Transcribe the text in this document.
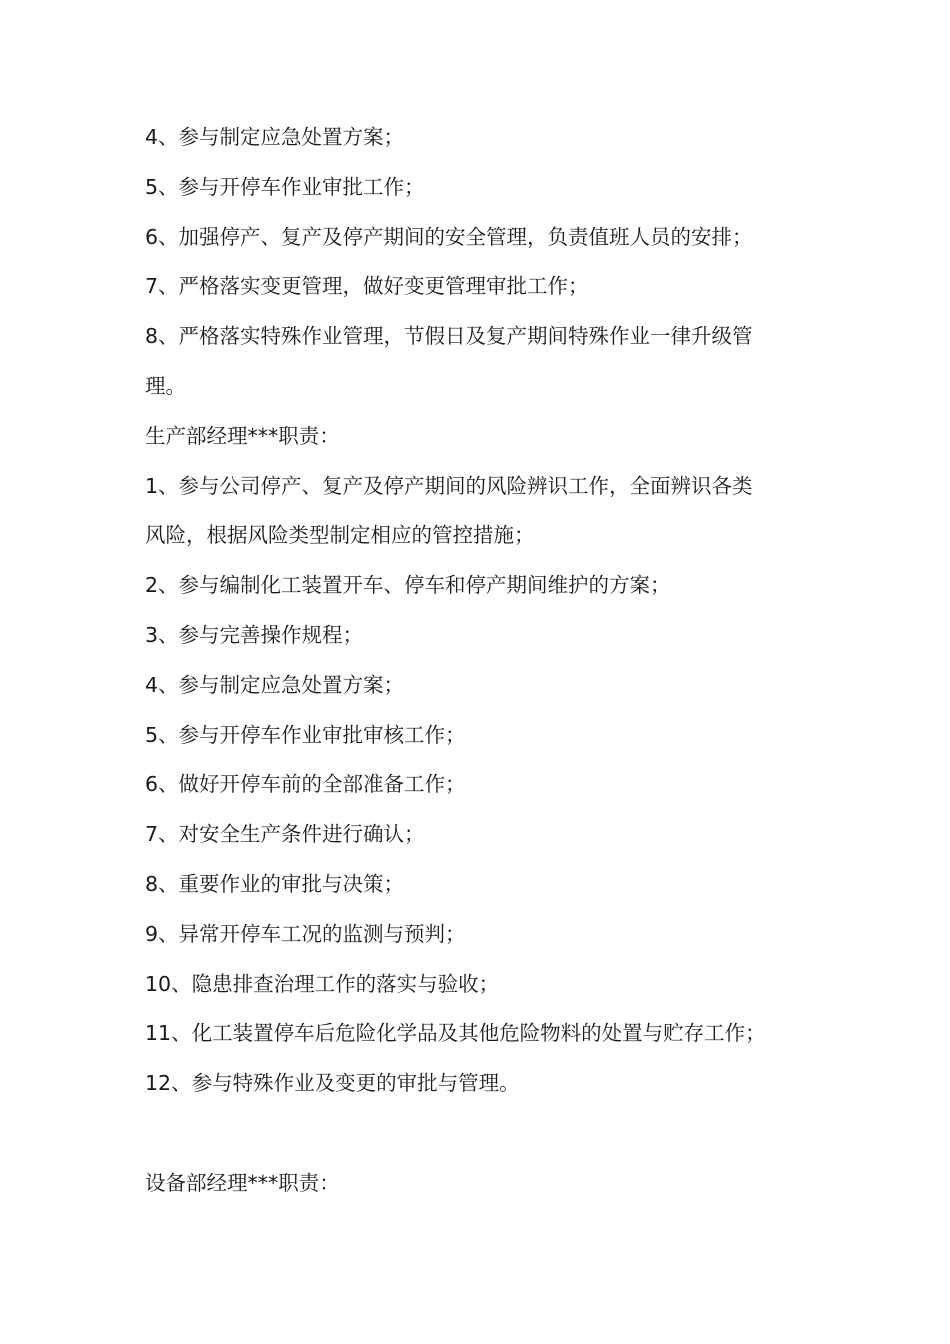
4、参与制定应急处置方案；
5、参与开停车作业审批工作；
6、加强停产、复产及停产期间的安全管理，负责值班人员的安排；
7、严格落实变更管理，做好变更管理审批工作；
8、严格落实特殊作业管理，节假日及复产期间特殊作业一律升级管
理。
生产部经理***职责：
1、参与公司停产、复产及停产期间的风险辨识工作，全面辨识各类
风险，根据风险类型制定相应的管控措施；
2、参与编制化工装置开车、停车和停产期间维护的方案；
3、参与完善操作规程；
4、参与制定应急处置方案；
5、参与开停车作业审批审核工作；
6、做好开停车前的全部准备工作；
7、对安全生产条件进行确认；
8、重要作业的审批与决策；
9、异常开停车工况的监测与预判；
10、隐患排查治理工作的落实与验收；
11、化工装置停车后危险化学品及其他危险物料的处置与贮存工作；
12、参与特殊作业及变更的审批与管理。
设备部经理***职责：
